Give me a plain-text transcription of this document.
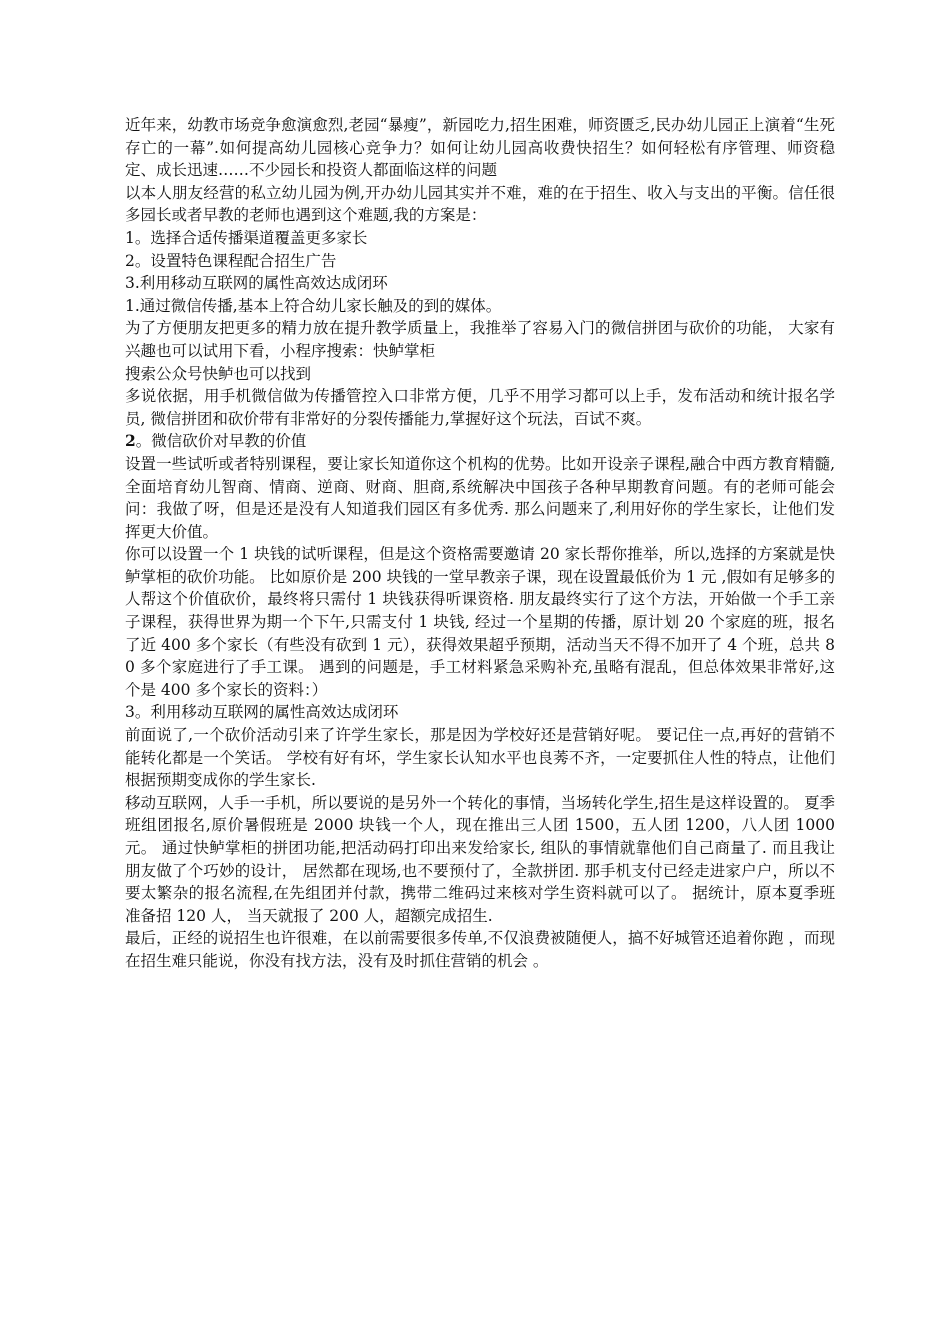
近年来，幼教市场竞争愈演愈烈,老园“暴瘦”，新园吃力,招生困难，师资匮乏,民办幼儿园正上演着“生死存亡的一幕”.如何提高幼儿园核心竞争力？如何让幼儿园高收费快招生？如何轻松有序管理、师资稳定、成长迅速……不少园长和投资人都面临这样的问题

以本人朋友经营的私立幼儿园为例,开办幼儿园其实并不难，难的在于招生、收入与支出的平衡。信任很多园长或者早教的老师也遇到这个难题,我的方案是：

1。选择合适传播渠道覆盖更多家长

2。设置特色课程配合招生广告

3.利用移动互联网的属性高效达成闭环

1.通过微信传播,基本上符合幼儿家长触及的到的媒体。

为了方便朋友把更多的精力放在提升教学质量上，我推举了容易入门的微信拼团与砍价的功能， 大家有兴趣也可以试用下看，小程序搜索：快鲈掌柜

搜索公众号快鲈也可以找到

多说依据，用手机微信做为传播管控入口非常方便，几乎不用学习都可以上手，发布活动和统计报名学员, 微信拼团和砍价带有非常好的分裂传播能力,掌握好这个玩法，百试不爽。

2。微信砍价对早教的价值

设置一些试听或者特别课程，要让家长知道你这个机构的优势。比如开设亲子课程,融合中西方教育精髓,全面培育幼儿智商、情商、逆商、财商、胆商,系统解决中国孩子各种早期教育问题。有的老师可能会问：我做了呀，但是还是没有人知道我们园区有多优秀. 那么问题来了,利用好你的学生家长，让他们发挥更大价值。

你可以设置一个 1 块钱的试听课程，但是这个资格需要邀请 20 家长帮你推举，所以,选择的方案就是快鲈掌柜的砍价功能。 比如原价是 200 块钱的一堂早教亲子课，现在设置最低价为 1 元 ,假如有足够多的人帮这个价值砍价，最终将只需付 1 块钱获得听课资格. 朋友最终实行了这个方法，开始做一个手工亲子课程，获得世界为期一个下午,只需支付 1 块钱, 经过一个星期的传播，原计划 20 个家庭的班，报名了近 400 多个家长（有些没有砍到 1 元），获得效果超乎预期，活动当天不得不加开了 4 个班，总共 80 多个家庭进行了手工课。 遇到的问题是，手工材料紧急采购补充,虽略有混乱，但总体效果非常好,这个是 400 多个家长的资料：）

3。利用移动互联网的属性高效达成闭环

前面说了,一个砍价活动引来了许学生家长，那是因为学校好还是营销好呢。 要记住一点,再好的营销不能转化都是一个笑话。 学校有好有坏，学生家长认知水平也良莠不齐，一定要抓住人性的特点，让他们根据预期变成你的学生家长.

移动互联网，人手一手机，所以要说的是另外一个转化的事情，当场转化学生,招生是这样设置的。 夏季班组团报名,原价暑假班是 2000 块钱一个人，现在推出三人团 1500，五人团 1200，八人团 1000 元。 通过快鲈掌柜的拼团功能,把活动码打印出来发给家长, 组队的事情就靠他们自己商量了. 而且我让朋友做了个巧妙的设计， 居然都在现场,也不要预付了，全款拼团. 那手机支付已经走进家户户，所以不要太繁杂的报名流程,在先组团并付款，携带二维码过来核对学生资料就可以了。 据统计，原本夏季班 准备招 120 人， 当天就报了 200 人，超额完成招生.

最后，正经的说招生也许很难，在以前需要很多传单,不仅浪费被随便人，搞不好城管还追着你跑 ，而现在招生难只能说，你没有找方法，没有及时抓住营销的机会 。
